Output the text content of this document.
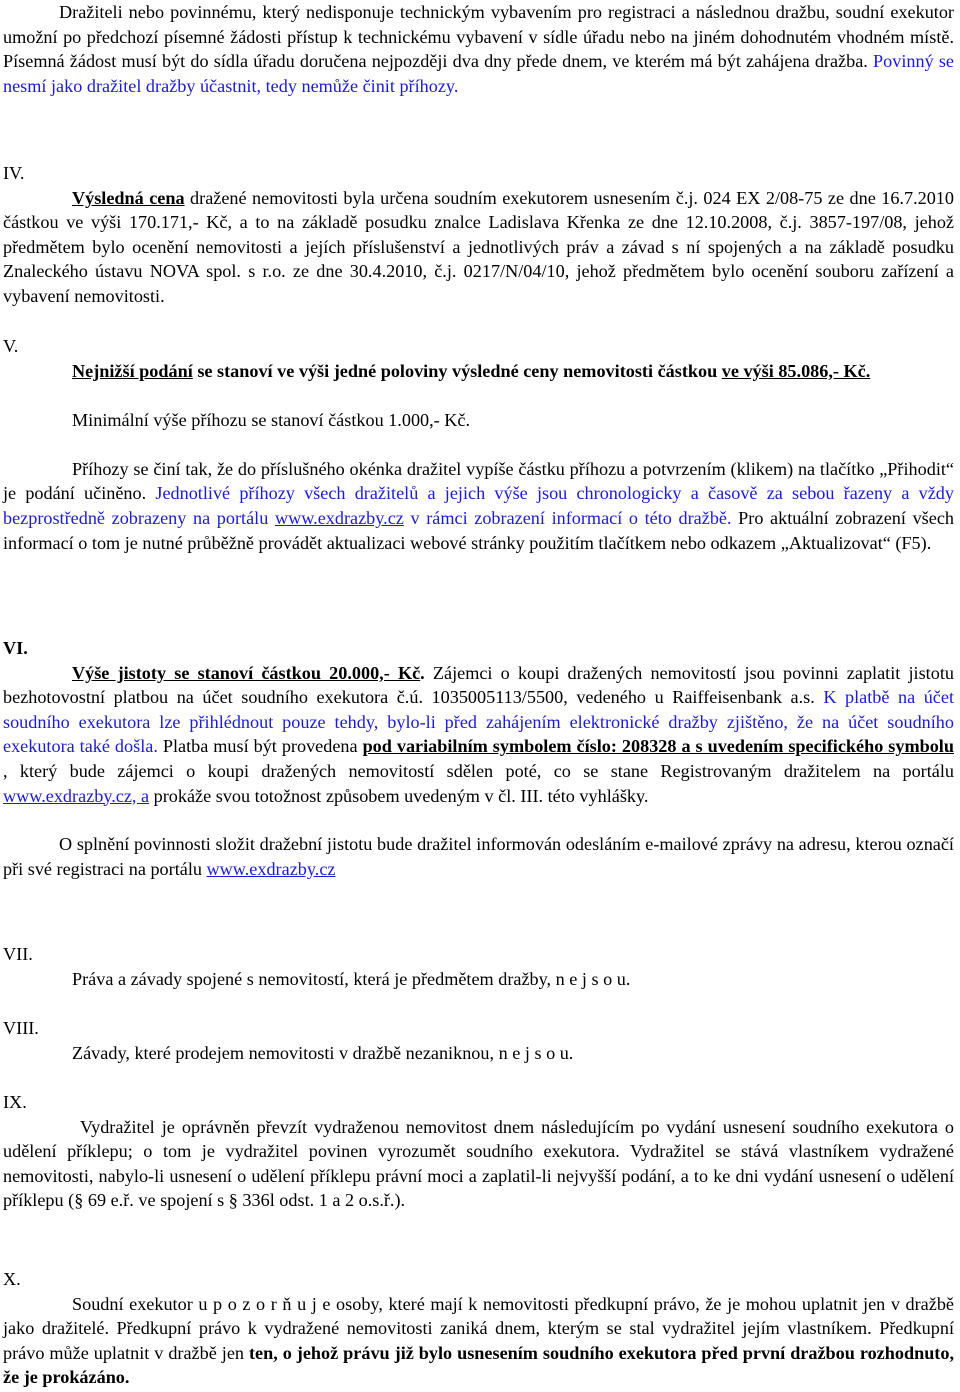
Dražiteli nebo povinnému, který nedisponuje technickým vybavením pro registraci a následnou dražbu, soudní exekutor umožní po předchozí písemné žádosti přístup k technickému vybavení v sídle úřadu nebo na jiném dohodnutém vhodném místě. Písemná žádost musí být do sídla úřadu doručena nejpozději dva dny přede dnem, ve kterém má být zahájena dražba. Povinný se nesmí jako dražitel dražby účastnit, tedy nemůže činit příhozy.

IV.

Výsledná cena dražené nemovitosti byla určena soudním exekutorem usnesením č.j. 024 EX 2/08-75 ze dne 16.7.2010 částkou ve výši 170.171,- Kč, a to na základě posudku znalce Ladislava Křenka ze dne 12.10.2008, č.j. 3857-197/08, jehož předmětem bylo ocenění nemovitosti a jejích příslušenství a jednotlivých práv a závad s ní spojených a na základě posudku Znaleckého ústavu NOVA spol. s r.o. ze dne 30.4.2010, č.j. 0217/N/04/10, jehož předmětem bylo ocenění souboru zařízení a vybavení nemovitosti.

V.

Nejnižší podání se stanoví ve výši jedné poloviny výsledné ceny nemovitosti částkou ve výši 85.086,- Kč.

Minimální výše příhozu se stanoví částkou 1.000,- Kč.

Příhozy se činí tak, že do příslušného okénka dražitel vypíše částku příhozu a potvrzením (klikem) na tlačítko „Přihodit“ je podání učiněno. Jednotlivé příhozy všech dražitelů a jejich výše jsou chronologicky a časově za sebou řazeny a vždy bezprostředně zobrazeny na portálu www.exdrazby.cz v rámci zobrazení informací o této dražbě. Pro aktuální zobrazení všech informací o tom je nutné průběžně provádět aktualizaci webové stránky použitím tlačítkem nebo odkazem „Aktualizovat“ (F5).

VI.

Výše jistoty se stanoví částkou 20.000,- Kč. Zájemci o koupi dražených nemovitostí jsou povinni zaplatit jistotu bezhotovostní platbou na účet soudního exekutora č.ú. 1035005113/5500, vedeného u Raiffeisenbank a.s. K platbě na účet soudního exekutora lze přihlédnout pouze tehdy, bylo-li před zahájením elektronické dražby zjištěno, že na účet soudního exekutora také došla. Platba musí být provedena pod variabilním symbolem číslo: 208328 a s uvedením specifického symbolu , který bude zájemci o koupi dražených nemovitostí sdělen poté, co se stane Registrovaným dražitelem na portálu www.exdrazby.cz, a prokáže svou totožnost způsobem uvedeným v čl. III. této vyhlášky.

O splnění povinnosti složit dražební jistotu bude dražitel informován odesláním e-mailové zprávy na adresu, kterou označí při své registraci na portálu www.exdrazby.cz

VII.

Práva a závady spojené s nemovitostí, která je předmětem dražby, n e j s o u.

VIII.

Závady, které prodejem nemovitosti v dražbě nezaniknou, n e j s o u.

IX.

Vydražitel je oprávněn převzít vydraženou nemovitost dnem následujícím po vydání usnesení soudního exekutora o udělení příklepu; o tom je vydražitel povinen vyrozumět soudního exekutora. Vydražitel se stává vlastníkem vydražené nemovitosti, nabylo-li usnesení o udělení příklepu právní moci a zaplatil-li nejvyšší podání, a to ke dni vydání usnesení o udělení příklepu (§ 69 e.ř. ve spojení s § 336l odst. 1 a 2 o.s.ř.).

X.

Soudní exekutor u p o z o r ň u j e osoby, které mají k nemovitosti předkupní právo, že je mohou uplatnit jen v dražbě jako dražitelé. Předkupní právo k vydražené nemovitosti zaniká dnem, kterým se stal vydražitel jejím vlastníkem. Předkupní právo může uplatnit v dražbě jen ten, o jehož právu již bylo usnesením soudního exekutora před první dražbou rozhodnuto, že je prokázáno.
